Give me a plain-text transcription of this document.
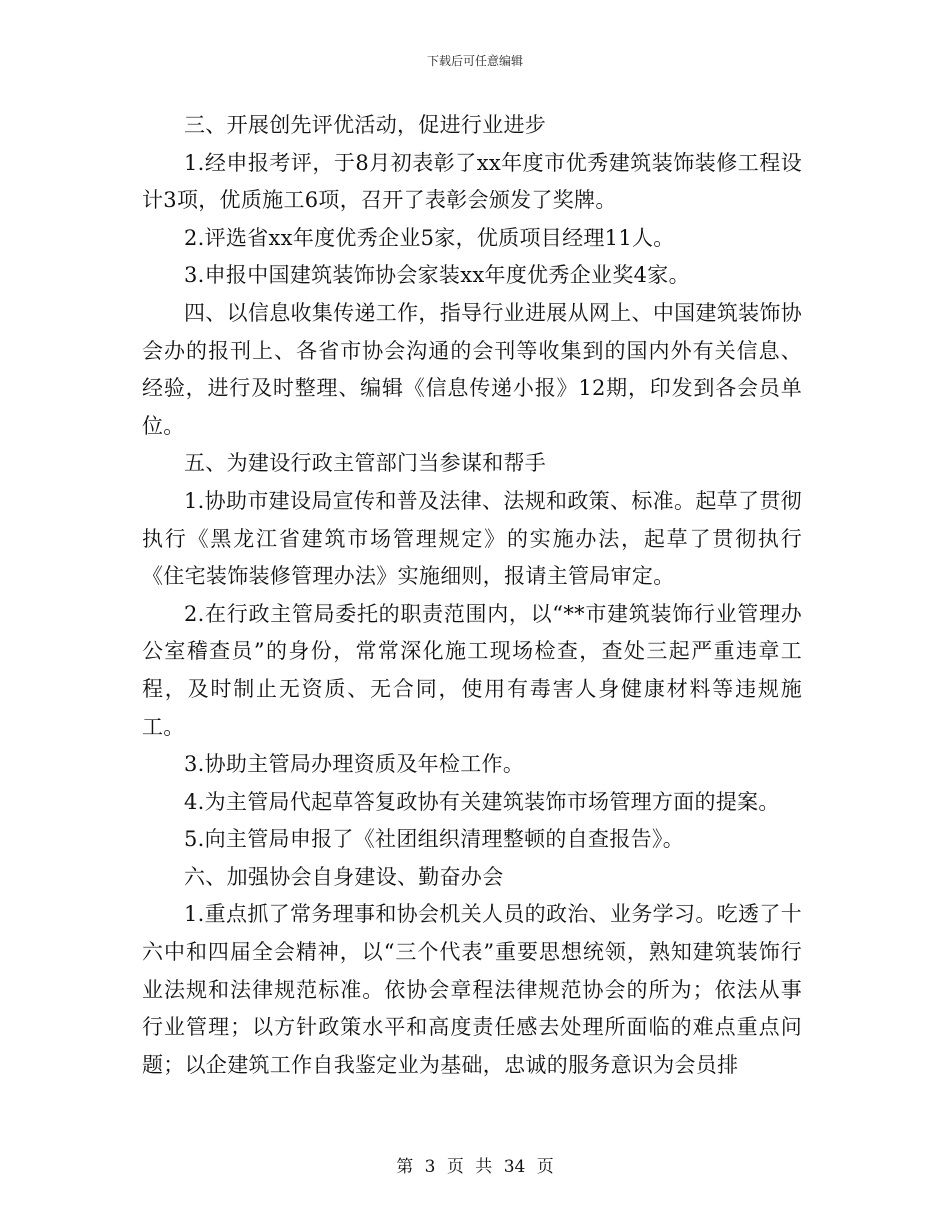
下载后可任意编辑

三、开展创先评优活动，促进行业进步

1.经申报考评，于8月初表彰了xx年度市优秀建筑装饰装修工程设计3项，优质施工6项，召开了表彰会颁发了奖牌。

2.评选省xx年度优秀企业5家，优质项目经理11人。

3.申报中国建筑装饰协会家装xx年度优秀企业奖4家。

四、以信息收集传递工作，指导行业进展从网上、中国建筑装饰协会办的报刊上、各省市协会沟通的会刊等收集到的国内外有关信息、经验，进行及时整理、编辑《信息传递小报》12期，印发到各会员单位。

五、为建设行政主管部门当参谋和帮手

1.协助市建设局宣传和普及法律、法规和政策、标准。起草了贯彻执行《黑龙江省建筑市场管理规定》的实施办法，起草了贯彻执行《住宅装饰装修管理办法》实施细则，报请主管局审定。

2.在行政主管局委托的职责范围内，以“**市建筑装饰行业管理办公室稽查员”的身份，常常深化施工现场检查，查处三起严重违章工程，及时制止无资质、无合同，使用有毒害人身健康材料等违规施工。

3.协助主管局办理资质及年检工作。

4.为主管局代起草答复政协有关建筑装饰市场管理方面的提案。

5.向主管局申报了《社团组织清理整顿的自查报告》。

六、加强协会自身建设、勤奋办会

1.重点抓了常务理事和协会机关人员的政治、业务学习。吃透了十六中和四届全会精神，以“三个代表”重要思想统领，熟知建筑装饰行业法规和法律规范标准。依协会章程法律规范协会的所为；依法从事行业管理；以方针政策水平和高度责任感去处理所面临的难点重点问题；以企建筑工作自我鉴定业为基础，忠诚的服务意识为会员排

第 3 页 共 34 页
